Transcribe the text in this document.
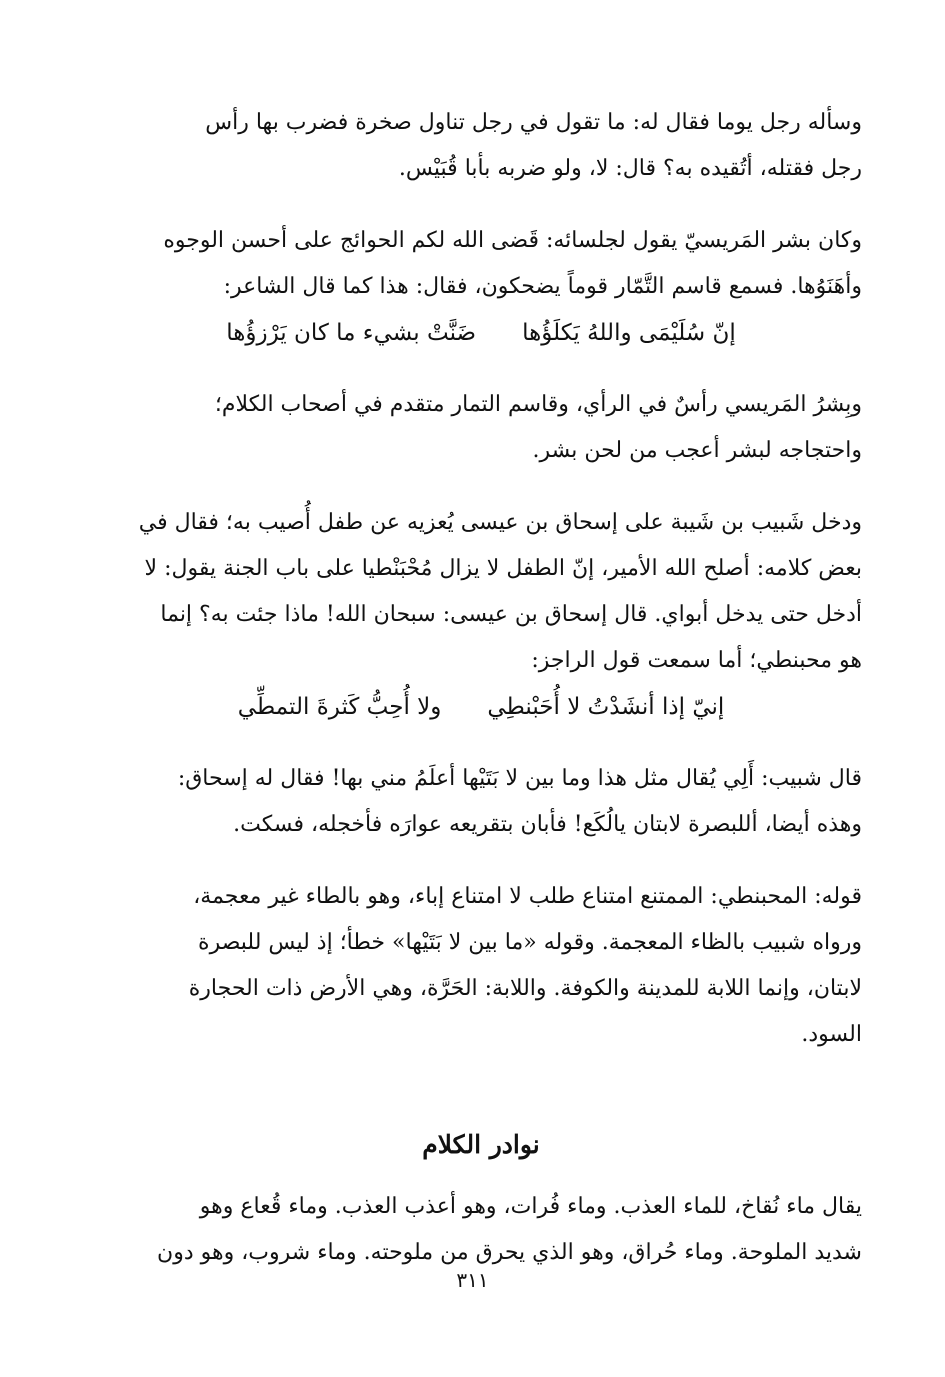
وسأله رجل يوما فقال له: ما تقول في رجل تناول صخرة فضرب بها رأس
رجل فقتله، أتُقيده به؟ قال: لا، ولو ضربه بأبا قُبَيْس.

وكان بشر المَريسيّ يقول لجلسائه: قَضى الله لكم الحوائج على أحسن الوجوه
وأهَنَوُها. فسمع قاسم التَّمّار قوماً يضحكون، فقال: هذا كما قال الشاعر:

إنّ سُلَيْمَى واللهُ يَكلَؤُها
ضَنَّتْ بشيء ما كان يَرْزؤُها

وبِشرُ المَريسي رأسٌ في الرأي، وقاسم التمار متقدم في أصحاب الكلام؛
واحتجاجه لبشر أعجب من لحن بشر.

ودخل شَبيب بن شَيبة على إسحاق بن عيسى يُعزيه عن طفل أُصيب به؛ فقال في
بعض كلامه: أصلح الله الأمير، إنّ الطفل لا يزال مُحْبَنْطيا على باب الجنة يقول: لا
أدخل حتى يدخل أبواي. قال إسحاق بن عيسى: سبحان الله! ماذا جئت به؟ إنما
هو محبنطي؛ أما سمعت قول الراجز:

إنيّ إذا أنشَدْتُ لا أُحَبْنطِي
ولا أُحِبُّ كَثرةَ التمطِّي

قال شبيب: أَلِي يُقال مثل هذا وما بين لا بَتَيْها أعلَمُ مني بها! فقال له إسحاق:
وهذه أيضا، أللبصرة لابتان يالُكَع! فأبان بتقريعه عوارَه فأخجله، فسكت.

قوله: المحبنطي: الممتنع امتناع طلب لا امتناع إباء، وهو بالطاء غير معجمة،
ورواه شبيب بالظاء المعجمة. وقوله «ما بين لا بَتَيْها» خطأ؛ إذ ليس للبصرة
لابتان، وإنما اللابة للمدينة والكوفة. واللابة: الحَرَّة، وهي الأرض ذات الحجارة
السود.

نوادر الكلام

يقال ماء نُقاخ، للماء العذب. وماء فُرات، وهو أعذب العذب. وماء قُعاع وهو
شديد الملوحة. وماء حُراق، وهو الذي يحرق من ملوحته. وماء شروب، وهو دون

٣١١
